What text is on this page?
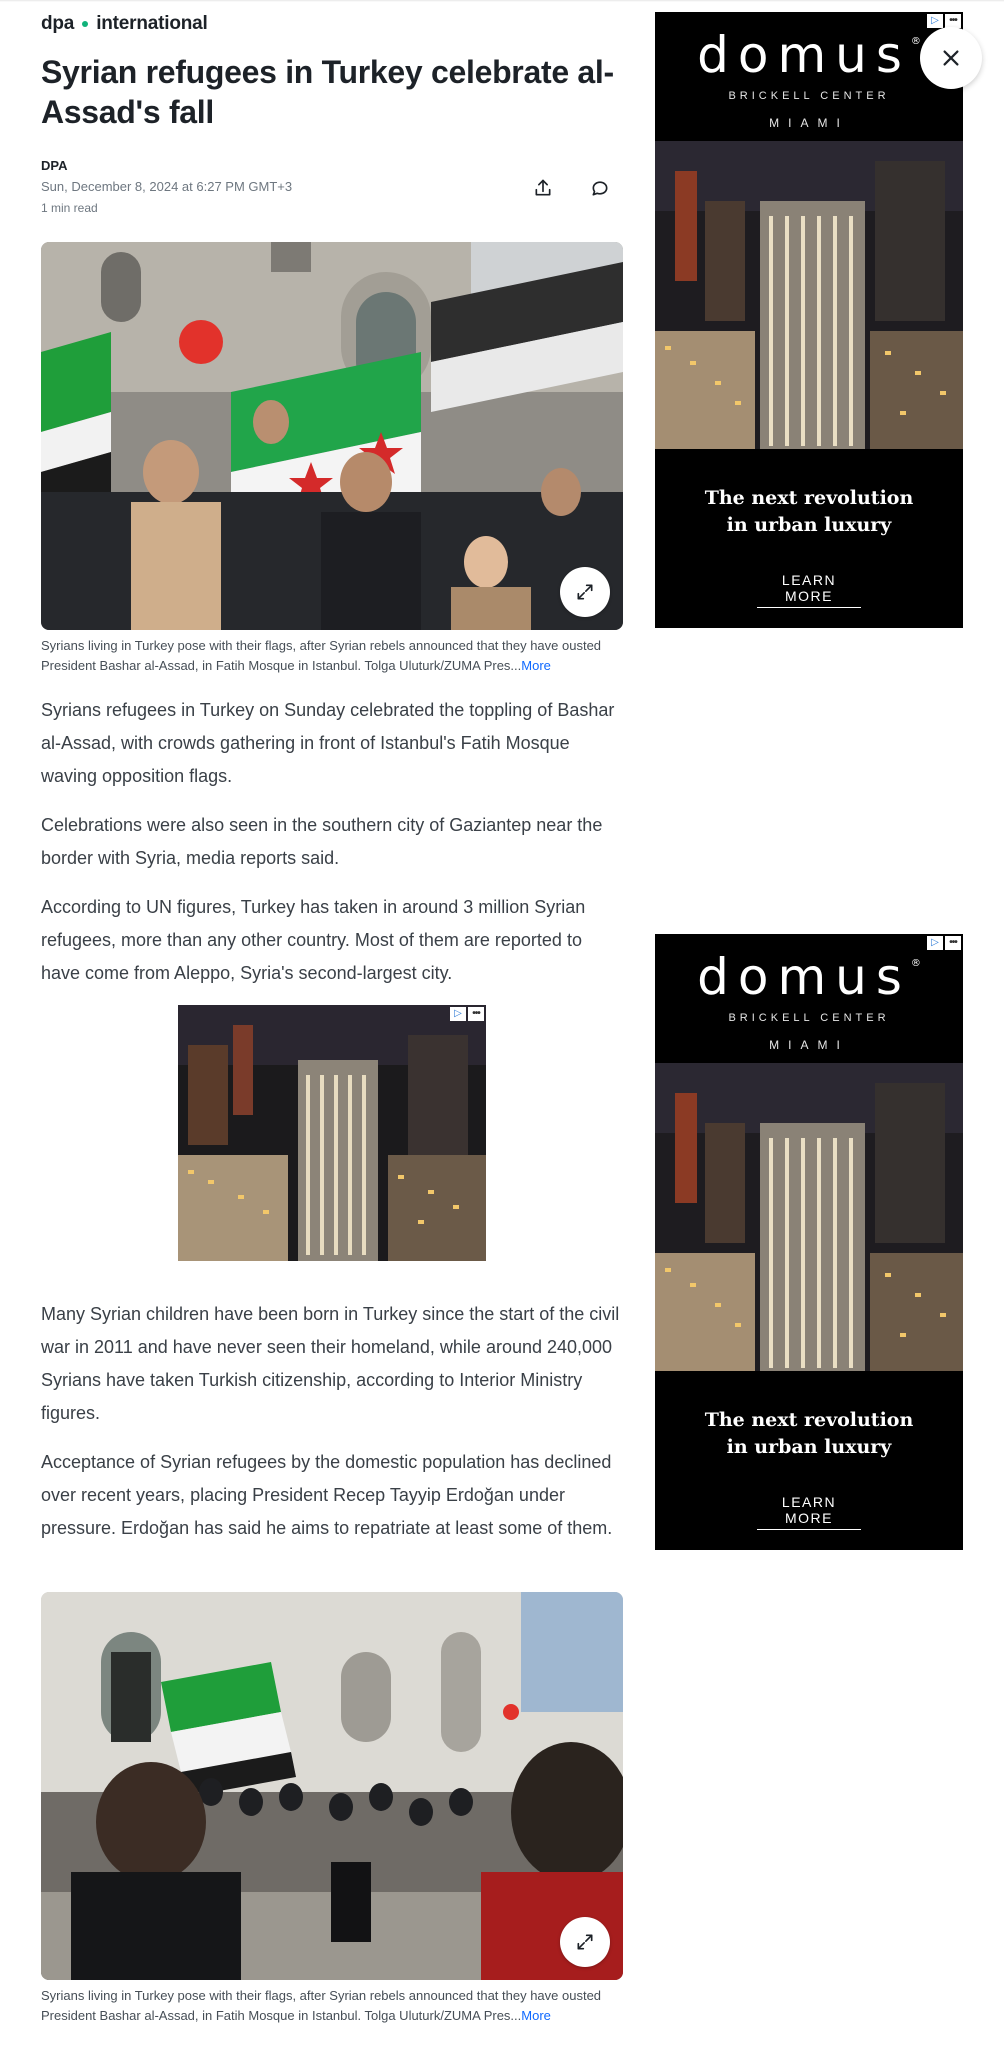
dpa international
Syrian refugees in Turkey celebrate al-Assad's fall
DPA
Sun, December 8, 2024 at 6:27 PM GMT+3
1 min read
Syrians living in Turkey pose with their flags, after Syrian rebels announced that they have ousted President Bashar al-Assad, in Fatih Mosque in Istanbul. Tolga Uluturk/ZUMA Pres...More

Syrians refugees in Turkey on Sunday celebrated the toppling of Bashar al-Assad, with crowds gathering in front of Istanbul's Fatih Mosque waving opposition flags.

Celebrations were also seen in the southern city of Gaziantep near the border with Syria, media reports said.

According to UN figures, Turkey has taken in around 3 million Syrian refugees, more than any other country. Most of them are reported to have come from Aleppo, Syria's second-largest city.

▷	•••

Many Syrian children have been born in Turkey since the start of the civil war in 2011 and have never seen their homeland, while around 240,000 Syrians have taken Turkish citizenship, according to Interior Ministry figures.

Acceptance of Syrian refugees by the domestic population has declined over recent years, placing President Recep Tayyip Erdoğan under pressure. Erdoğan has said he aims to repatriate at least some of them.

Syrians living in Turkey pose with their flags, after Syrian rebels announced that they have ousted President Bashar al-Assad, in Fatih Mosque in Istanbul. Tolga Uluturk/ZUMA Pres...More
domus®
BRICKELL CENTER
MIAMI
The next revolution
in urban luxury
LEARN MORE
▷	•••
domus®
BRICKELL CENTER
MIAMI
The next revolution
in urban luxury
LEARN MORE
▷	•••
